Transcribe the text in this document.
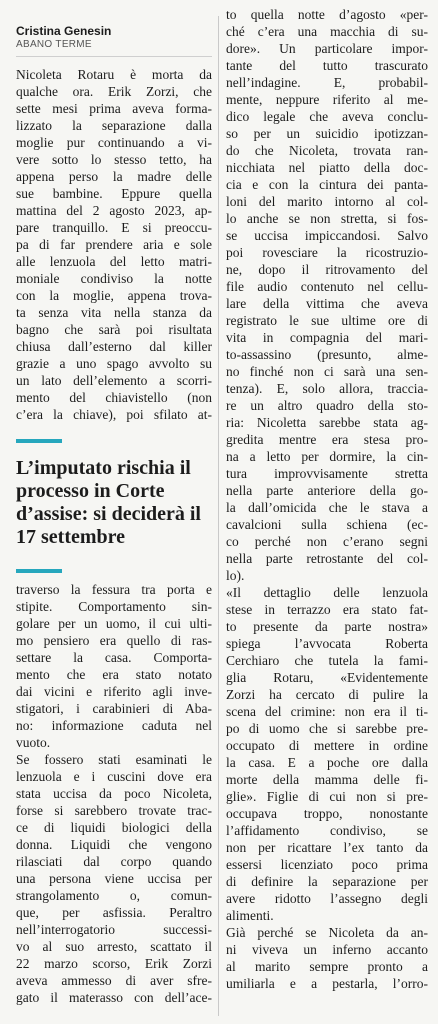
Cristina Genesin
ABANO TERME
Nicoleta Rotaru è morta da
qualche ora. Erik Zorzi, che
sette mesi prima aveva forma-
lizzato la separazione dalla
moglie pur continuando a vi-
vere sotto lo stesso tetto, ha
appena perso la madre delle
sue bambine. Eppure quella
mattina del 2 agosto 2023, ap-
pare tranquillo. E si preoccu-
pa di far prendere aria e sole
alle lenzuola del letto matri-
moniale condiviso la notte
con la moglie, appena trova-
ta senza vita nella stanza da
bagno che sarà poi risultata
chiusa dall’esterno dal killer
grazie a uno spago avvolto su
un lato dell’elemento a scorri-
mento del chiavistello (non
c’era la chiave), poi sfilato at-
L’imputato rischia il processo in Corte d’assise: si deciderà il 17 settembre
traverso la fessura tra porta e
stipite. Comportamento sin-
golare per un uomo, il cui ulti-
mo pensiero era quello di ras-
settare la casa. Comporta-
mento che era stato notato
dai vicini e riferito agli inve-
stigatori, i carabinieri di Aba-
no: informazione caduta nel
vuoto.
Se fossero stati esaminati le
lenzuola e i cuscini dove era
stata uccisa da poco Nicoleta,
forse si sarebbero trovate trac-
ce di liquidi biologici della
donna. Liquidi che vengono
rilasciati dal corpo quando
una persona viene uccisa per
strangolamento o, comun-
que, per asfissia. Peraltro
nell’interrogatorio successi-
vo al suo arresto, scattato il
22 marzo scorso, Erik Zorzi
aveva ammesso di aver sfre-
gato il materasso con dell’ace-
to quella notte d’agosto «per-
ché c’era una macchia di su-
dore». Un particolare impor-
tante del tutto trascurato
nell’indagine. E, probabil-
mente, neppure riferito al me-
dico legale che aveva conclu-
so per un suicidio ipotizzan-
do che Nicoleta, trovata ran-
nicchiata nel piatto della doc-
cia e con la cintura dei panta-
loni del marito intorno al col-
lo anche se non stretta, si fos-
se uccisa impiccandosi. Salvo
poi rovesciare la ricostruzio-
ne, dopo il ritrovamento del
file audio contenuto nel cellu-
lare della vittima che aveva
registrato le sue ultime ore di
vita in compagnia del mari-
to-assassino (presunto, alme-
no finché non ci sarà una sen-
tenza). E, solo allora, traccia-
re un altro quadro della sto-
ria: Nicoletta sarebbe stata ag-
gredita mentre era stesa pro-
na a letto per dormire, la cin-
tura improvvisamente stretta
nella parte anteriore della go-
la dall’omicida che le stava a
cavalcioni sulla schiena (ec-
co perché non c’erano segni
nella parte retrostante del col-
lo).
«Il dettaglio delle lenzuola
stese in terrazzo era stato fat-
to presente da parte nostra»
spiega l’avvocata Roberta
Cerchiaro che tutela la fami-
glia Rotaru, «Evidentemente
Zorzi ha cercato di pulire la
scena del crimine: non era il ti-
po di uomo che si sarebbe pre-
occupato di mettere in ordine
la casa. E a poche ore dalla
morte della mamma delle fi-
glie». Figlie di cui non si pre-
occupava troppo, nonostante
l’affidamento condiviso, se
non per ricattare l’ex tanto da
essersi licenziato poco prima
di definire la separazione per
avere ridotto l’assegno degli
alimenti.
Già perché se Nicoleta da an-
ni viveva un inferno accanto
al marito sempre pronto a
umiliarla e a pestarla, l’orro-
